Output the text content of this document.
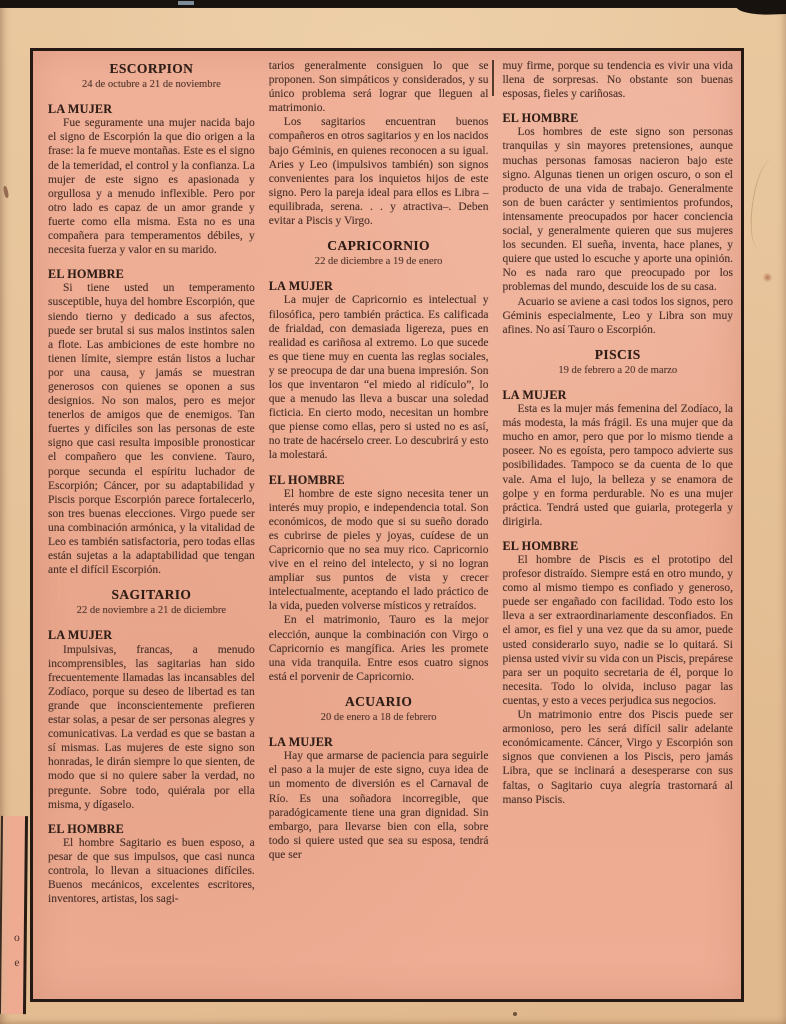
o
e
ESCORPION

24 de octubre a 21 de noviembre

LA MUJER

Fue seguramente una mujer nacida bajo el signo de Escorpión la que dio origen a la frase: la fe mueve montañas. Este es el signo de la temeridad, el control y la confianza. La mujer de este signo es apasionada y orgullosa y a menudo inflexible. Pero por otro lado es capaz de un amor grande y fuerte como ella misma. Esta no es una compañera para temperamentos débiles, y necesita fuerza y valor en su marido.

EL HOMBRE

Si tiene usted un temperamento susceptible, huya del hombre Escorpión, que siendo tierno y dedicado a sus afectos, puede ser brutal si sus malos instintos salen a flote. Las ambiciones de este hombre no tienen límite, siempre están listos a luchar por una causa, y jamás se muestran generosos con quienes se oponen a sus designios. No son malos, pero es mejor tenerlos de amigos que de enemigos. Tan fuertes y difíciles son las personas de este signo que casi resulta imposible pronosticar el compañero que les conviene. Tauro, porque secunda el espíritu luchador de Escorpión; Cáncer, por su adaptabilidad y Piscis porque Escorpión parece fortalecerlo, son tres buenas elecciones. Virgo puede ser una combinación armónica, y la vitalidad de Leo es también satisfactoria, pero todas ellas están sujetas a la adaptabilidad que tengan ante el difícil Escorpión.

SAGITARIO

22 de noviembre a 21 de diciembre

LA MUJER

Impulsivas, francas, a menudo incomprensibles, las sagitarias han sido frecuentemente llamadas las incansables del Zodíaco, porque su deseo de libertad es tan grande que inconscientemente prefieren estar solas, a pesar de ser personas alegres y comunicativas. La verdad es que se bastan a sí mismas. Las mujeres de este signo son honradas, le dirán siempre lo que sienten, de modo que si no quiere saber la verdad, no pregunte. Sobre todo, quiérala por ella misma, y dígaselo.

EL HOMBRE

El hombre Sagitario es buen esposo, a pesar de que sus impulsos, que casi nunca controla, lo llevan a situaciones difíciles. Buenos mecánicos, excelentes escritores, inventores, artistas, los sagi-

tarios generalmente consiguen lo que se proponen. Son simpáticos y considerados, y su único problema será lograr que lleguen al matrimonio.

Los sagitarios encuentran buenos compañeros en otros sagitarios y en los nacidos bajo Géminis, en quienes reconocen a su igual. Aries y Leo (impulsivos también) son signos convenientes para los inquietos hijos de este signo. Pero la pareja ideal para ellos es Libra –equilibrada, serena. . . y atractiva–. Deben evitar a Piscis y Virgo.

CAPRICORNIO

22 de diciembre a 19 de enero

LA MUJER

La mujer de Capricornio es intelectual y filosófica, pero también práctica. Es calificada de frialdad, con demasiada ligereza, pues en realidad es cariñosa al extremo. Lo que sucede es que tiene muy en cuenta las reglas sociales, y se preocupa de dar una buena impresión. Son los que inventaron “el miedo al ridículo”, lo que a menudo las lleva a buscar una soledad ficticia. En cierto modo, necesitan un hombre que piense como ellas, pero si usted no es así, no trate de hacérselo creer. Lo descubrirá y esto la molestará.

EL HOMBRE

El hombre de este signo necesita tener un interés muy propio, e independencia total. Son económicos, de modo que si su sueño dorado es cubrirse de pieles y joyas, cuídese de un Capricornio que no sea muy rico. Capricornio vive en el reino del intelecto, y si no logran ampliar sus puntos de vista y crecer intelectualmente, aceptando el lado práctico de la vida, pueden volverse místicos y retraídos.

En el matrimonio, Tauro es la mejor elección, aunque la combinación con Virgo o Capricornio es mangífica. Aries les promete una vida tranquila. Entre esos cuatro signos está el porvenir de Capricornio.

ACUARIO

20 de enero a 18 de febrero

LA MUJER

Hay que armarse de paciencia para seguirle el paso a la mujer de este signo, cuya idea de un momento de diversión es el Carnaval de Río. Es una soñadora incorregible, que paradógicamente tiene una gran dignidad. Sin embargo, para llevarse bien con ella, sobre todo si quiere usted que sea su esposa, tendrá que ser

muy firme, porque su tendencia es vivir una vida llena de sorpresas. No obstante son buenas esposas, fieles y cariñosas.

EL HOMBRE

Los hombres de este signo son personas tranquilas y sin mayores pretensiones, aunque muchas personas famosas nacieron bajo este signo. Algunas tienen un origen oscuro, o son el producto de una vida de trabajo. Generalmente son de buen carácter y sentimientos profundos, intensamente preocupados por hacer conciencia social, y generalmente quieren que sus mujeres los secunden. El sueña, inventa, hace planes, y quiere que usted lo escuche y aporte una opinión. No es nada raro que preocupado por los problemas del mundo, descuide los de su casa.

Acuario se aviene a casi todos los signos, pero Géminis especialmente, Leo y Libra son muy afines. No así Tauro o Escorpión.

PISCIS

19 de febrero a 20 de marzo

LA MUJER

Esta es la mujer más femenina del Zodíaco, la más modesta, la más frágil. Es una mujer que da mucho en amor, pero que por lo mismo tiende a poseer. No es egoísta, pero tampoco advierte sus posibilidades. Tampoco se da cuenta de lo que vale. Ama el lujo, la belleza y se enamora de golpe y en forma perdurable. No es una mujer práctica. Tendrá usted que guiarla, protegerla y dirigirla.

EL HOMBRE

El hombre de Piscis es el prototipo del profesor distraído. Siempre está en otro mundo, y como al mismo tiempo es confiado y generoso, puede ser engañado con facilidad. Todo esto los lleva a ser extraordinariamente desconfiados. En el amor, es fiel y una vez que da su amor, puede usted considerarlo suyo, nadie se lo quitará. Si piensa usted vivir su vida con un Piscis, prepárese para ser un poquito secretaria de él, porque lo necesita. Todo lo olvida, incluso pagar las cuentas, y esto a veces perjudica sus negocios.

Un matrimonio entre dos Piscis puede ser armonioso, pero les será difícil salir adelante económicamente. Cáncer, Virgo y Escorpión son signos que convienen a los Piscis, pero jamás Libra, que se inclinará a desesperarse con sus faltas, o Sagitario cuya alegría trastornará al manso Piscis.
